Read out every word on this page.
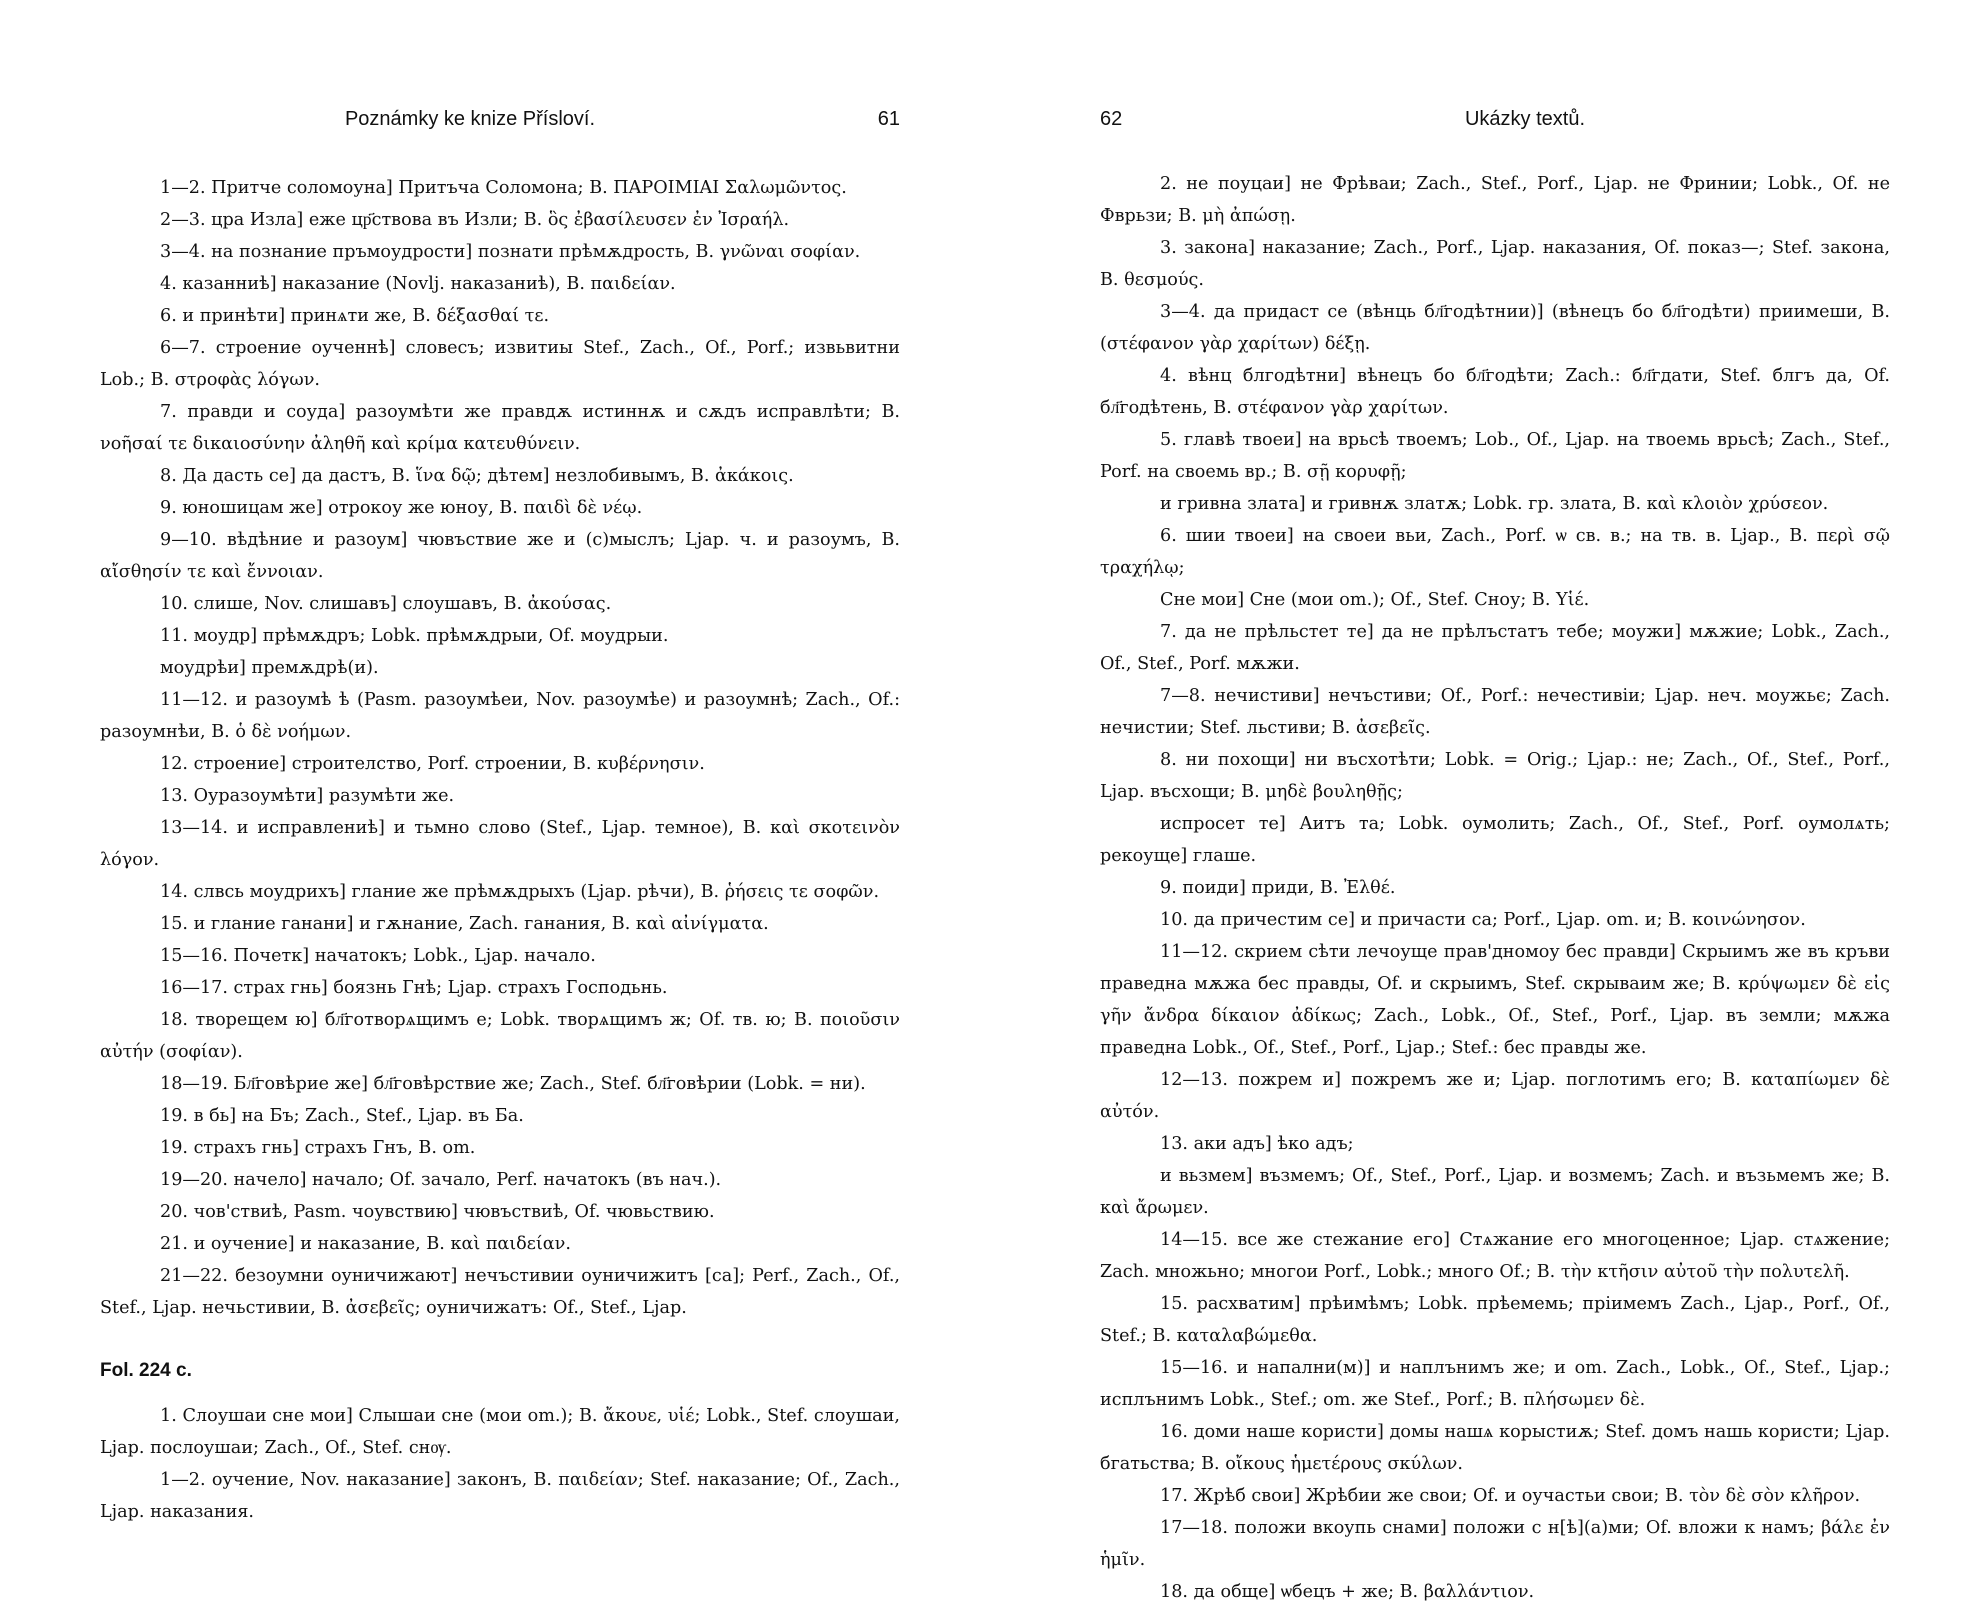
Poznámky ke knize Přísloví.	61

1—2. Притче соломоуна] Притъча Соломона; B. ΠΑΡΟΙΜΙΑΙ Σαλωμῶντος.

2—3. цра Изла] еже цр҃ствова въ Изли; B. ὃς ἐβασίλευσεν ἐν Ἰσραήλ.

3—4. на познание пръмоудрости] познати прѣмѫдрость, B. γνῶναι σοφίαν.

4. казанниѣ] наказание (Novlj. наказаниѣ), B. παιδείαν.

6. и принѣти] принѧти же, B. δέξασθαί τε.

6—7. строение оученнѣ] словесъ; извитиы Stef., Zach., Of., Porf.; извьвитни Lob.; B. στροφὰς λόγων.

7. правди и соуда] разоумѣти же правдѫ истиннѫ и сѫдъ исправлѣти; B. νοῆσαί τε δικαιοσύνην ἀληθῆ καὶ κρίμα κατευθύνειν.

8. Да дасть се] да дастъ, B. ἵνα δῷ; дѣтем] незлобивымъ, B. ἀκάκοις.

9. юношицам же] отрокоу же юноу, B. παιδὶ δὲ νέῳ.

9—10. вѣдѣние и разоум] чювъствие же и (с)мыслъ; Ljap. ч. и разоумъ, B. αἴσθησίν τε καὶ ἔννοιαν.

10. слише, Nov. слишавъ] слоушавъ, B. ἀκούσας.

11. моудр] прѣмѫдръ; Lobk. прѣмѫдрыи, Of. моудрыи.

моудрѣи] премѫдрѣ(и).

11—12. и разоумѣ ѣ (Pasm. разоумѣеи, Nov. разоумѣе) и разоумнѣ; Zach., Of.: разоумнѣи, B. ὁ δὲ νοήμων.

12. строение] строителство, Porf. строении, B. κυβέρνησιν.

13. Оуразоумѣти] разумѣти же.

13—14. и исправлениѣ] и тьмно слово (Stef., Ljap. темное), B. καὶ σκοτεινὸν λόγον.

14. слвсь моудрихъ] глание же прѣмѫдрыхъ (Ljap. рѣчи), B. ῥήσεις τε σοφῶν.

15. и глание ганани] и гѫнание, Zach. ганания, B. καὶ αἰνίγματα.

15—16. Почетк] начатокъ; Lobk., Ljap. начало.

16—17. страх гнь] боязнь Гнѣ; Ljap. страхъ Господьнь.

18. творещем ю] бл҃готворѧщимъ е; Lobk. творѧщимъ ж; Of. тв. ю; B. ποιοῦσιν αὐτήν (σοφίαν).

18—19. Бл҃говѣрие же] бл҃говѣрствие же; Zach., Stef. бл҃говѣрии (Lobk. = ни).

19. в бь] на Бъ; Zach., Stef., Ljap. въ Ба.

19. страхъ гнь] страхъ Гнъ, B. om.

19—20. начело] начало; Of. зачало, Perf. начатокъ (въ нач.).

20. чов'ствиѣ, Pasm. чоувствию] чювъствиѣ, Of. чювьствию.

21. и оучение] и наказание, B. καὶ παιδείαν.

21—22. безоумни оуничижают] нечъстивии оуничижитъ [са]; Perf., Zach., Of., Stef., Ljap. нечьстивии, B. ἀσεβεῖς; оуничижатъ: Of., Stef., Ljap.

Fol. 224 c.

1. Слоушаи сне мои] Слышаи сне (мои om.); B. ἄκουε, υἱέ; Lobk., Stef. слоушаи, Ljap. послоушаи; Zach., Of., Stef. снѹ.

1—2. оучение, Nov. наказание] законъ, B. παιδείαν; Stef. наказание; Of., Zach., Ljap. наказания.

62	Ukázky textů.

2. не поуцаи] не Фрѣваи; Zach., Stef., Porf., Ljap. не Фринии; Lobk., Of. не Фврьзи; B. μὴ ἀπώσῃ.

3. закона] наказание; Zach., Porf., Ljap. наказания, Of. показ—; Stef. закона, B. θεσμούς.

3—4. да придаст се (вѣнць бл҃годѣтнии)] (вѣнецъ бо бл҃годѣти) приимеши, B. (στέφανον γὰρ χαρίτων) δέξῃ.

4. вѣнц блгодѣтни] вѣнецъ бо бл҃годѣти; Zach.: бл҃гдати, Stef. блгъ да, Of. бл҃годѣтень, B. στέφανον γὰρ χαρίτων.

5. главѣ твоеи] на врьсѣ твоемъ; Lob., Of., Ljap. на твоемь врьсѣ; Zach., Stef., Porf. на своемь вр.; B. σῇ κορυφῇ;

и гривна злата] и гривнѫ златѫ; Lobk. гр. злата, B. καὶ κλοιὸν χρύσεον.

6. шии твоеи] на своеи вьи, Zach., Porf. ѡ св. в.; на тв. в. Ljap., B. περὶ σῷ τραχήλῳ;

Сне мои] Сне (мои om.); Of., Stef. Сноу; B. Υἱέ.

7. да не прѣльстет те] да не прѣлъстатъ тебе; моужи] мѫжие; Lobk., Zach., Of., Stef., Porf. мѫжи.

7—8. нечистиви] нечъстиви; Of., Porf.: нечестивіи; Ljap. неч. моужьє; Zach. нечистии; Stef. льстиви; B. ἀσεβεῖς.

8. ни похощи] ни въсхотѣти; Lobk. = Orig.; Ljap.: не; Zach., Of., Stef., Porf., Ljap. въсхощи; B. μηδὲ βουληθῇς;

испросет те] Аитъ та; Lobk. оумолить; Zach., Of., Stef., Porf. оумолѧть; рекоуще] глаше.

9. поиди] приди, B. Ἐλθέ.

10. да причестим се] и причасти са; Porf., Ljap. om. и; B. κοινώνησον.

11—12. скрием сѣти лечоуще прав'дномоу бес правди] Скрыимъ же въ кръви праведна мѫжа бес правды, Of. и скрыимъ, Stef. скрываим же; B. κρύψωμεν δὲ εἰς γῆν ἄνδρα δίκαιον ἀδίκως; Zach., Lobk., Of., Stef., Porf., Ljap. въ земли; мѫжа праведна Lobk., Of., Stef., Porf., Ljap.; Stef.: бес правды же.

12—13. пожрем и] пожремъ же и; Ljap. поглотимъ его; B. καταπίωμεν δὲ αὐτόν.

13. аки адъ] ѣко адъ;

и вьзмем] възмемъ; Of., Stef., Porf., Ljap. и возмемъ; Zach. и възьмемъ же; B. καὶ ἄρωμεν.

14—15. все же стежание его] Стѧжание его многоценное; Ljap. стѧжение; Zach. множьно; многои Porf., Lobk.; много Of.; B. τὴν κτῆσιν αὐτοῦ τὴν πολυτελῆ.

15. расхватим] прѣимѣмъ; Lobk. прѣемемь; прiимемъ Zach., Ljap., Porf., Of., Stef.; B. καταλαβώμεθα.

15—16. и напални(м)] и наплънимъ же; и om. Zach., Lobk., Of., Stef., Ljap.; исплънимъ Lobk., Stef.; om. же Stef., Porf.; B. πλήσωμεν δὲ.

16. доми наше користи] домы нашѧ корыстиѫ; Stef. домъ нашь користи; Ljap. бгатьства; B. οἴκους ἡμετέρους σκύλων.

17. Жрѣб свои] Жрѣбии же свои; Of. и оучастьи свои; B. τὸν δὲ σὸν κλῆρον.

17—18. положи вкоупь снами] положи с н[ѣ](а)ми; Of. вложи к намъ; βάλε ἐν ἡμῖν.

18. да обще] ѡбецъ + же; B. βαλλάντιον.
